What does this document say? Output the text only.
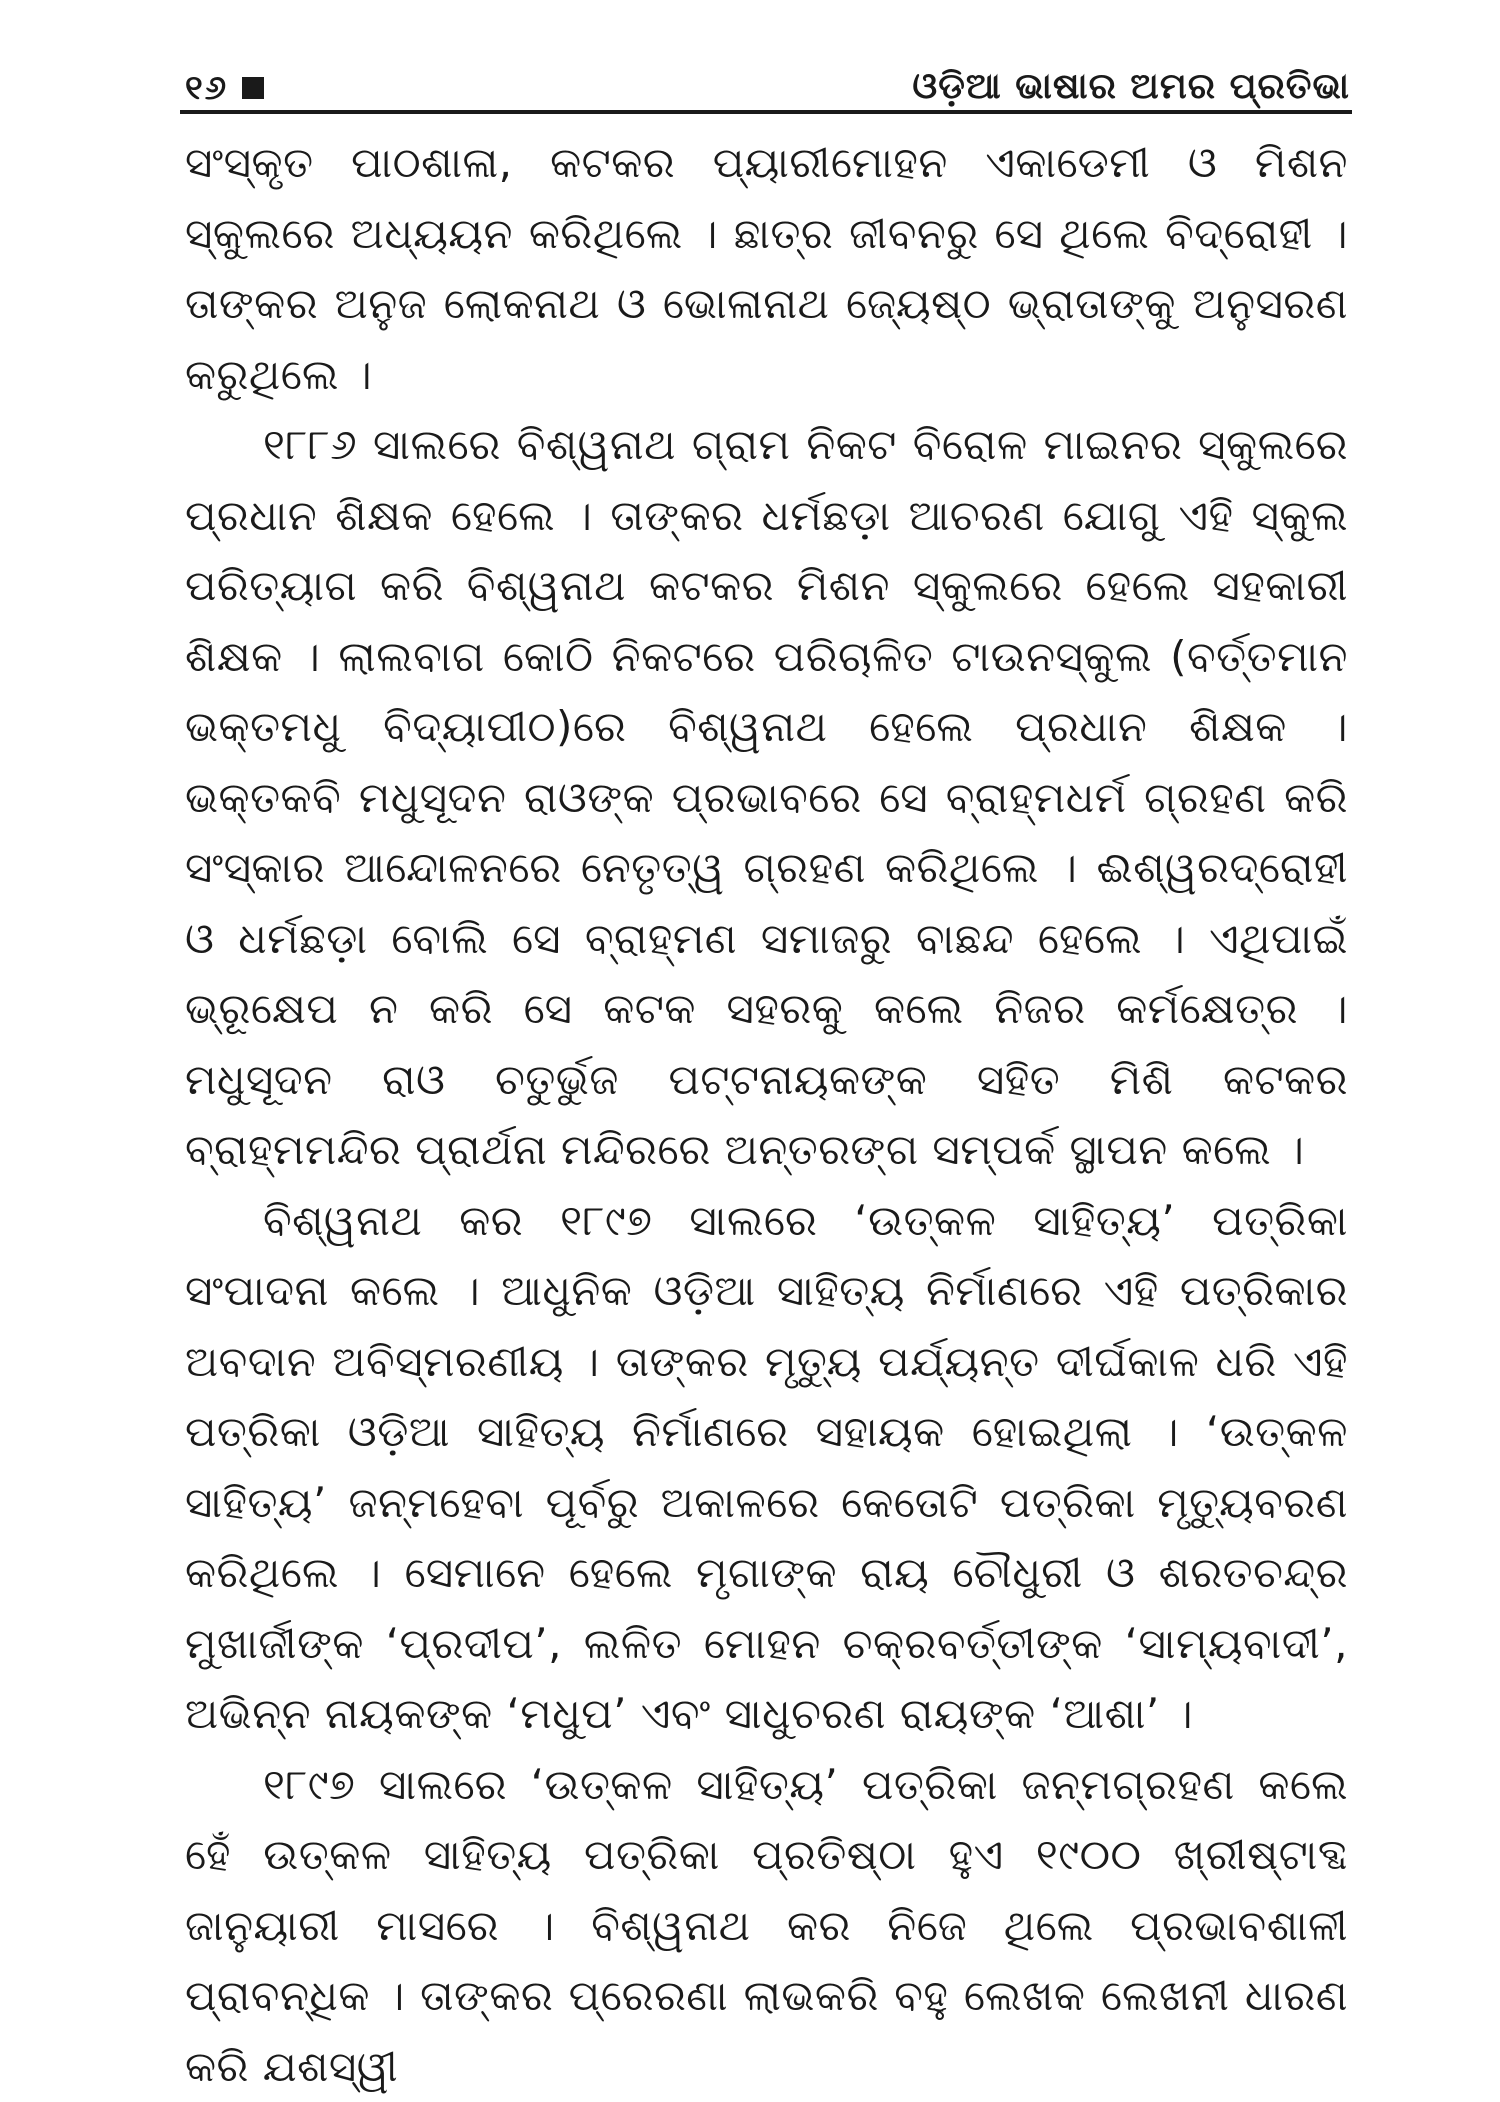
୧୬	ଓଡ଼ିଆ ଭାଷାର ଅମର ପ୍ରତିଭା

ସଂସ୍କୃତ ପାଠଶାଳା, କଟକର ପ୍ୟାରୀମୋହନ ଏକାଡେମୀ ଓ ମିଶନ ସ୍କୁଲରେ ଅଧ୍ୟୟନ କରିଥିଲେ । ଛାତ୍ର ଜୀବନରୁ ସେ ଥିଲେ ବିଦ୍ରୋହୀ । ତାଙ୍କର ଅନୁଜ ଲୋକନାଥ ଓ ଭୋଳାନାଥ ଜ୍ୟେଷ୍ଠ ଭ୍ରାତାଙ୍କୁ ଅନୁସରଣ କରୁଥିଲେ ।

୧୮୮୬ ସାଲରେ ବିଶ୍ୱନାଥ ଗ୍ରାମ ନିକଟ ବିରୋଳ ମାଇନର ସ୍କୁଲରେ ପ୍ରଧାନ ଶିକ୍ଷକ ହେଲେ । ତାଙ୍କର ଧର୍ମଛଡ଼ା ଆଚରଣ ଯୋଗୁ ଏହି ସ୍କୁଲ ପରିତ୍ୟାଗ କରି ବିଶ୍ୱନାଥ କଟକର ମିଶନ ସ୍କୁଲରେ ହେଲେ ସହକାରୀ ଶିକ୍ଷକ । ଲାଲବାଗ କୋଠି ନିକଟରେ ପରିଚାଳିତ ଟାଉନସ୍କୁଲ (ବର୍ତ୍ତମାନ ଭକ୍ତମଧୁ ବିଦ୍ୟାପୀଠ)ରେ ବିଶ୍ୱନାଥ ହେଲେ ପ୍ରଧାନ ଶିକ୍ଷକ । ଭକ୍ତକବି ମଧୁସୂଦନ ରାଓଙ୍କ ପ୍ରଭାବରେ ସେ ବ୍ରାହ୍ମଧର୍ମ ଗ୍ରହଣ କରି ସଂସ୍କାର ଆନ୍ଦୋଳନରେ ନେତୃତ୍ୱ ଗ୍ରହଣ କରିଥିଲେ । ଈଶ୍ୱରଦ୍ରୋହୀ ଓ ଧର୍ମଛଡ଼ା ବୋଲି ସେ ବ୍ରାହ୍ମଣ ସମାଜରୁ ବାଛନ୍ଦ ହେଲେ । ଏଥିପାଇଁ ଭ୍ରୂକ୍ଷେପ ନ କରି ସେ କଟକ ସହରକୁ କଲେ ନିଜର କର୍ମକ୍ଷେତ୍ର । ମଧୁସୂଦନ ରାଓ ଚତୁର୍ଭୁଜ ପଟ୍ଟନାୟକଙ୍କ ସହିତ ମିଶି କଟକର ବ୍ରାହ୍ମମନ୍ଦିର ପ୍ରାର୍ଥନା ମନ୍ଦିରରେ ଅନ୍ତରଙ୍ଗ ସମ୍ପର୍କ ସ୍ଥାପନ କଲେ ।

ବିଶ୍ୱନାଥ କର ୧୮୯୭ ସାଲରେ ‘ଉତ୍କଳ ସାହିତ୍ୟ’ ପତ୍ରିକା ସଂପାଦନା କଲେ । ଆଧୁନିକ ଓଡ଼ିଆ ସାହିତ୍ୟ ନିର୍ମାଣରେ ଏହି ପତ୍ରିକାର ଅବଦାନ ଅବିସ୍ମରଣୀୟ । ତାଙ୍କର ମୃତ୍ୟୁ ପର୍ଯ୍ୟନ୍ତ ଦୀର୍ଘକାଳ ଧରି ଏହି ପତ୍ରିକା ଓଡ଼ିଆ ସାହିତ୍ୟ ନିର୍ମାଣରେ ସହାୟକ ହୋଇଥିଲା । ‘ଉତ୍କଳ ସାହିତ୍ୟ’ ଜନ୍ମହେବା ପୂର୍ବରୁ ଅକାଳରେ କେତୋଟି ପତ୍ରିକା ମୃତ୍ୟୁବରଣ କରିଥିଲେ । ସେମାନେ ହେଲେ ମୃଗାଙ୍କ ରାୟ ଚୌଧୁରୀ ଓ ଶରତଚନ୍ଦ୍ର ମୁଖାର୍ଜୀଙ୍କ ‘ପ୍ରଦୀପ’, ଲଳିତ ମୋହନ ଚକ୍ରବର୍ତ୍ତୀଙ୍କ ‘ସାମ୍ୟବାଦୀ’, ଅଭିନ୍ନ ନାୟକଙ୍କ ‘ମଧୁପ’ ଏବଂ ସାଧୁଚରଣ ରାୟଙ୍କ ‘ଆଶା’ ।

୧୮୯୭ ସାଲରେ ‘ଉତ୍କଳ ସାହିତ୍ୟ’ ପତ୍ରିକା ଜନ୍ମଗ୍ରହଣ କଲେ ହେଁ ଉତ୍କଳ ସାହିତ୍ୟ ପତ୍ରିକା ପ୍ରତିଷ୍ଠା ହୁଏ ୧୯୦୦ ଖ୍ରୀଷ୍ଟାବ୍ଦ ଜାନୁୟାରୀ ମାସରେ । ବିଶ୍ୱନାଥ କର ନିଜେ ଥିଲେ ପ୍ରଭାବଶାଳୀ ପ୍ରାବନ୍ଧିକ । ତାଙ୍କର ପ୍ରେରଣା ଲାଭକରି ବହୁ ଲେଖକ ଲେଖନୀ ଧାରଣ କରି ଯଶସ୍ୱୀ
